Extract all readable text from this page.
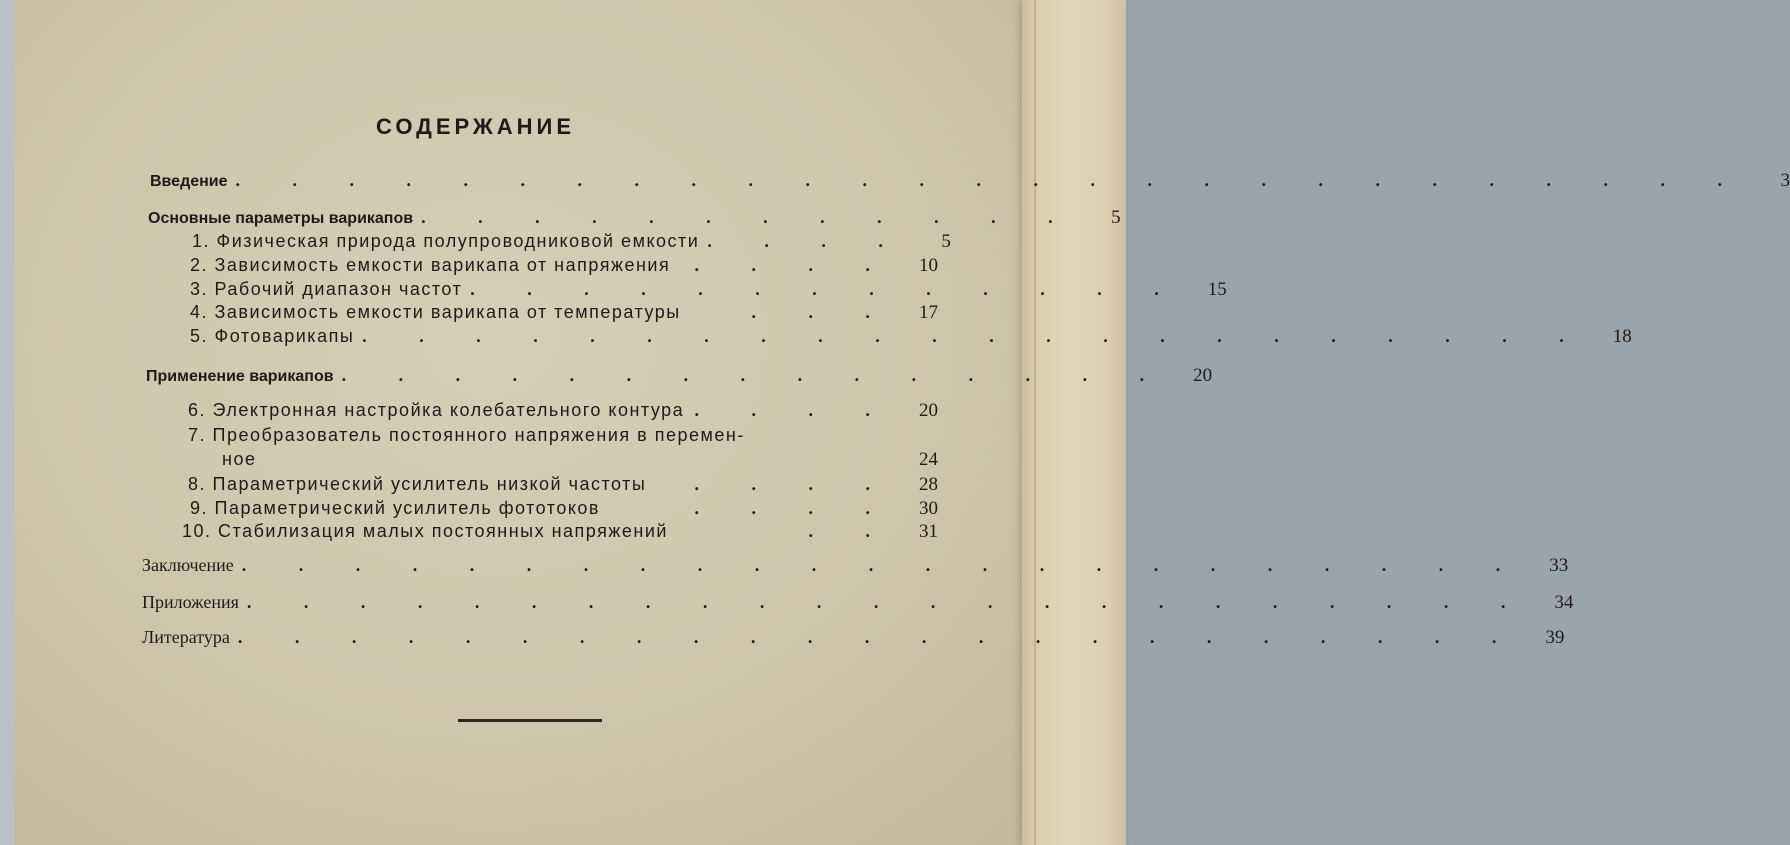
СОДЕРЖАНИЕ
Введение . . . . . . . . . . . . . . . . . . . . . . . . . . .	3
Основные параметры варикапов . . . . . . . . . . . .	5
1. Физическая природа полупроводниковой емкости . . . .	5
2. Зависимость емкости варикапа от напряжения	. . . .	10
3. Рабочий диапазон частот . . . . . . . . . . . . .	15
4. Зависимость емкости варикапа от температуры	. . .	17
5. Фотоварикапы . . . . . . . . . . . . . . . . . . . . . .	18
Применение варикапов . . . . . . . . . . . . . . .	20
6. Электронная настройка колебательного контура . . . .	20
7. Преобразователь постоянного напряжения в перемен-
ное	24
8. Параметрический усилитель низкой частоты	. . . .	28
9. Параметрический усилитель фототоков	. . . .	30
10. Стабилизация малых постоянных напряжений	. .	31
Заключение . . . . . . . . . . . . . . . . . . . . . . .	33
Приложения . . . . . . . . . . . . . . . . . . . . . . .	34
Литература . . . . . . . . . . . . . . . . . . . . . . .	39
